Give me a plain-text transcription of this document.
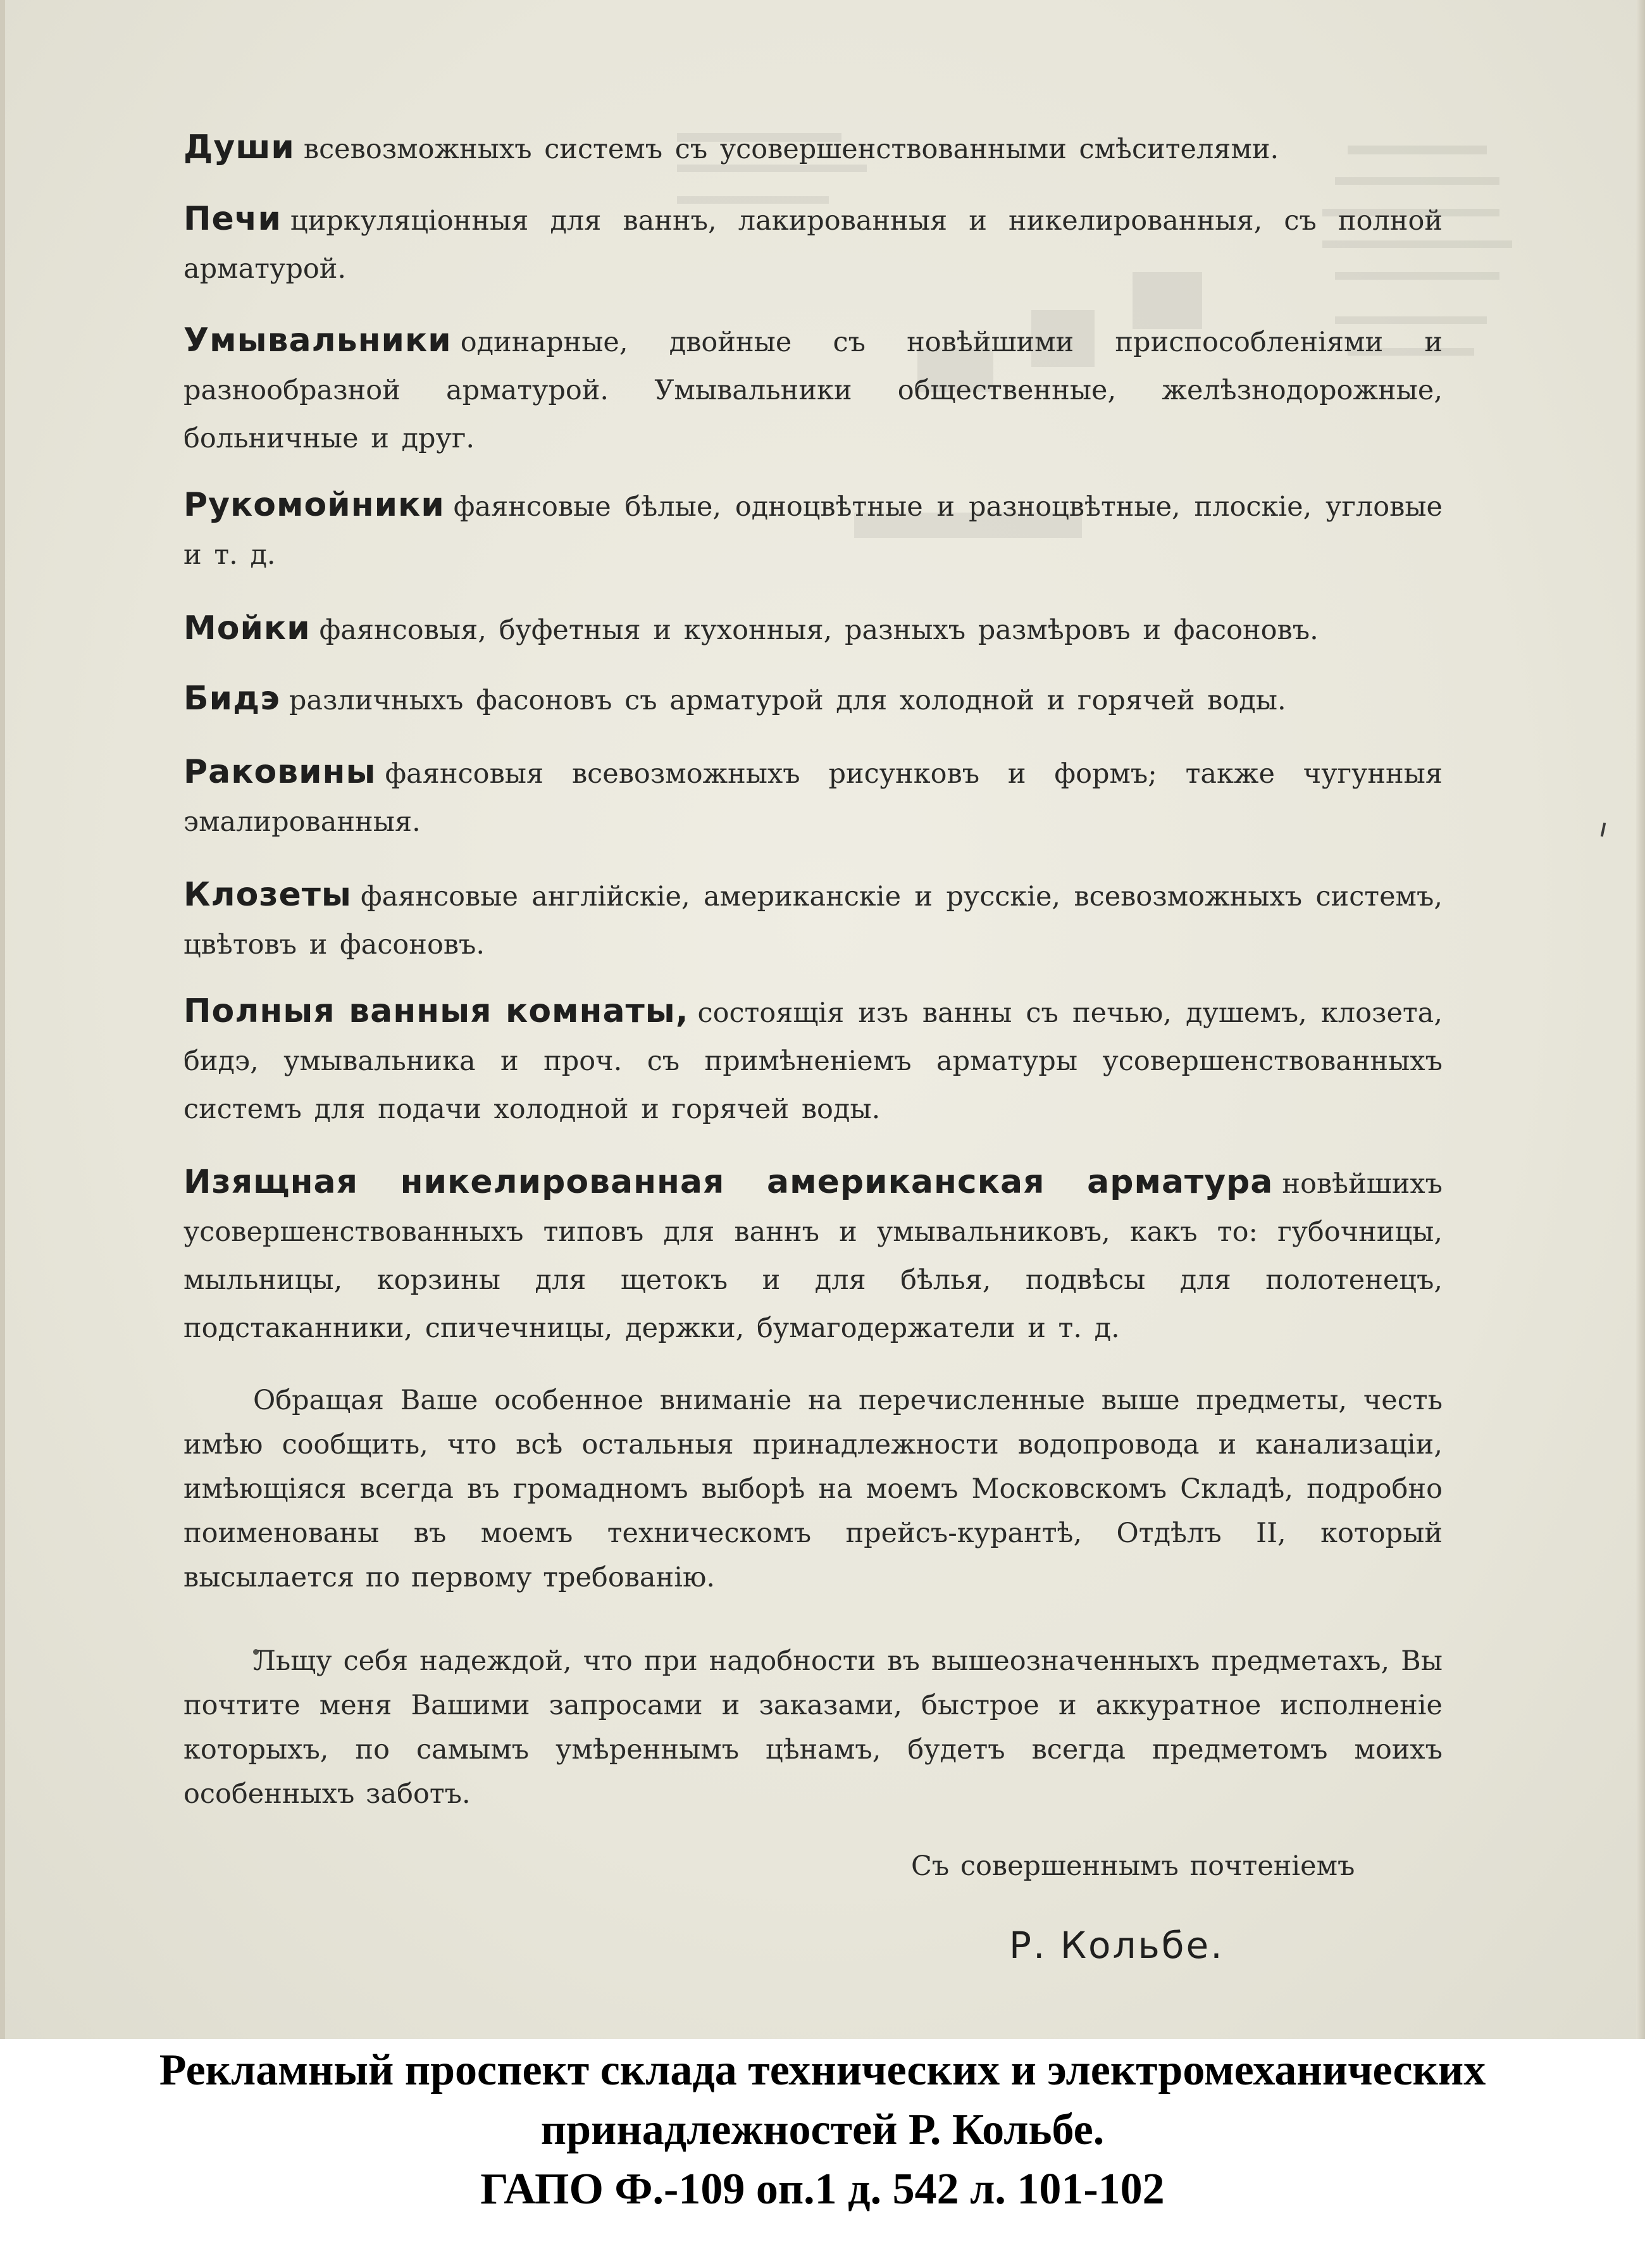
Души всевозможныхъ системъ съ усовершенствованными смѣсителями.

Печи циркуляціонныя для ваннъ, лакированныя и никелированныя, съ полной арматурой.

Умывальники одинарные, двойные съ новѣйшими приспособленіями и разнообразной арматурой. Умывальники общественные, желѣзнодорожные, больничные и друг.

Рукомойники фаянсовые бѣлые, одноцвѣтные и разноцвѣтные, плоскіе, угловые и т. д.

Мойки фаянсовыя, буфетныя и кухонныя, разныхъ размѣровъ и фасоновъ.

Бидэ различныхъ фасоновъ съ арматурой для холодной и горячей воды.

Раковины фаянсовыя всевозможныхъ рисунковъ и формъ; также чугунныя эмалированныя.

Клозеты фаянсовые англійскіе, американскіе и русскіе, всевозможныхъ системъ, цвѣтовъ и фасоновъ.

Полныя ванныя комнаты, состоящія изъ ванны съ печью, душемъ, клозета, бидэ, умывальника и проч. съ примѣненіемъ арматуры усовершенствованныхъ системъ для подачи холодной и горячей воды.

Изящная никелированная американская арматура новѣйшихъ усовершенствованныхъ типовъ для ваннъ и умывальниковъ, какъ то: губочницы, мыльницы, корзины для щетокъ и для бѣлья, подвѣсы для полотенецъ, подстаканники, спичечницы, держки, бумагодержатели и т. д.

Обращая Ваше особенное вниманіе на перечисленные выше предметы, честь имѣю сообщить, что всѣ остальныя принадлежности водопровода и канализаціи, имѣющіяся всегда въ громадномъ выборѣ на моемъ Московскомъ Складѣ, подробно поименованы въ моемъ техническомъ прейсъ-курантѣ, Отдѣлъ II, который высылается по первому требованію.

Льщу себя надеждой, что при надобности въ вышеозначенныхъ предметахъ, Вы почтите меня Вашими запросами и заказами, быстрое и аккуратное исполненіе которыхъ, по самымъ умѣреннымъ цѣнамъ, будетъ всегда предметомъ моихъ особенныхъ заботъ.

Съ совершеннымъ почтеніемъ
Р. Кольбе.
Рекламный проспект склада технических и электромеханических
принадлежностей Р. Кольбе.
ГАПО Ф.-109 оп.1 д. 542 л. 101-102
